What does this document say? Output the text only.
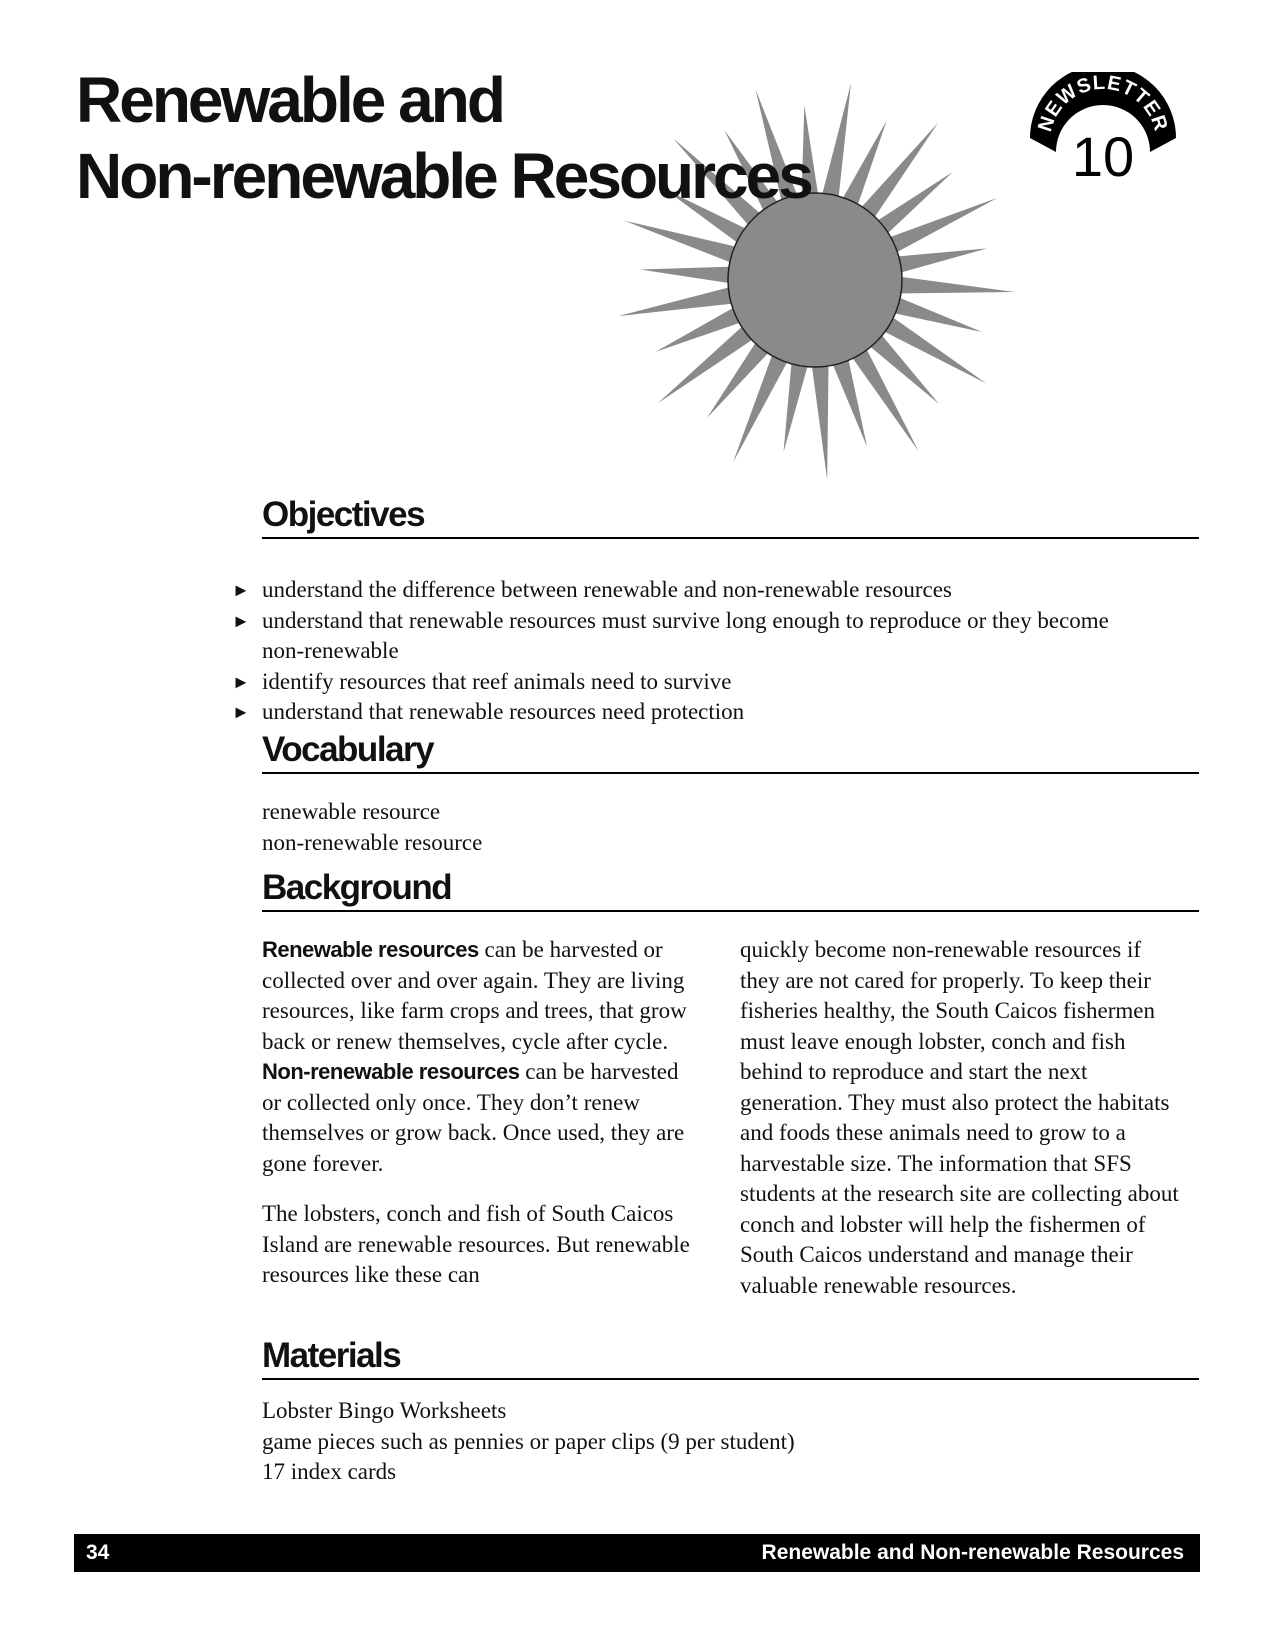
Renewable and
Non-renewable Resources
NEWSLETTER
10
Objectives
► understand the difference between renewable and non-renewable resources
► understand that renewable resources must survive long enough to reproduce or they become non-renewable
► identify resources that reef animals need to survive
► understand that renewable resources need protection
Vocabulary
renewable resource
non-renewable resource
Background

Renewable resources can be harvested or collected over and over again. They are living resources, like farm crops and trees, that grow back or renew themselves, cycle after cycle. Non-renewable resources can be harvested or collected only once. They don’t renew themselves or grow back. Once used, they are gone forever.

The lobsters, conch and fish of South Caicos Island are renewable resources. But renewable resources like these can

quickly become non-renewable resources if they are not cared for properly. To keep their fisheries healthy, the South Caicos fishermen must leave enough lobster, conch and fish behind to reproduce and start the next generation. They must also protect the habitats and foods these animals need to grow to a harvestable size. The information that SFS students at the research site are collecting about conch and lobster will help the fishermen of South Caicos understand and manage their valuable renewable resources.

Materials
Lobster Bingo Worksheets
game pieces such as pennies or paper clips (9 per student)
17 index cards
34	Renewable and Non-renewable Resources
